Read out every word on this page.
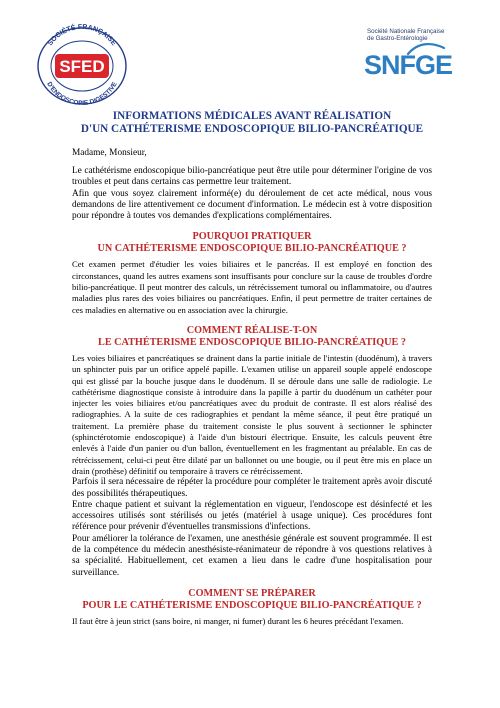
SOCIÉTÉ FRANÇAISE
D'ENDOSCOPIE DIGESTIVE
SFED
Société Nationale Française
de Gastro-Entérologie
SNFGE
INFORMATIONS MÉDICALES AVANT RÉALISATION
D'UN CATHÉTERISME ENDOSCOPIQUE BILIO-PANCRÉATIQUE
Madame, Monsieur,

Le cathétérisme endoscopique bilio-pancréatique peut être utile pour déterminer l'origine de vos troubles et peut dans certains cas permettre leur traitement.

Afin que vous soyez clairement informé(e) du déroulement de cet acte médical, nous vous demandons de lire attentivement ce document d'information. Le médecin est à votre disposition pour répondre à toutes vos demandes d'explications complémentaires.

POURQUOI PRATIQUER
UN CATHÉTERISME ENDOSCOPIQUE BILIO-PANCRÉATIQUE ?

Cet examen permet d'étudier les voies biliaires et le pancréas. Il est employé en fonction des circonstances, quand les autres examens sont insuffisants pour conclure sur la cause de troubles d'ordre bilio-pancréatique. Il peut montrer des calculs, un rétrécissement tumoral ou inflammatoire, ou d'autres maladies plus rares des voies biliaires ou pancréatiques. Enfin, il peut permettre de traiter certaines de ces maladies en alternative ou en association avec la chirurgie.

COMMENT RÉALISE-T-ON
LE CATHÉTERISME ENDOSCOPIQUE BILIO-PANCRÉATIQUE ?

Les voies biliaires et pancréatiques se drainent dans la partie initiale de l'intestin (duodénum), à travers un sphincter puis par un orifice appelé papille. L'examen utilise un appareil souple appelé endoscope qui est glissé par la bouche jusque dans le duodénum. Il se déroule dans une salle de radiologie. Le cathétérisme diagnostique consiste à introduire dans la papille à partir du duodénum un cathéter pour injecter les voies biliaires et/ou pancréatiques avec du produit de contraste. Il est alors réalisé des radiographies. A la suite de ces radiographies et pendant la même séance, il peut être pratiqué un traitement. La première phase du traitement consiste le plus souvent à sectionner le sphincter (sphinctérotomie endoscopique) à l'aide d'un bistouri électrique. Ensuite, les calculs peuvent être enlevés à l'aide d'un panier ou d'un ballon, éventuellement en les fragmentant au préalable. En cas de rétrécissement, celui-ci peut être dilaté par un ballonnet ou une bougie, ou il peut être mis en place un drain (prothèse) définitif ou temporaire à travers ce rétrécissement.

Parfois il sera nécessaire de répéter la procédure pour compléter le traitement après avoir discuté des possibilités thérapeutiques.

Entre chaque patient et suivant la réglementation en vigueur, l'endoscope est désinfecté et les accessoires utilisés sont stérilisés ou jetés (matériel à usage unique). Ces procédures font référence pour prévenir d'éventuelles transmissions d'infections.

Pour améliorer la tolérance de l'examen, une anesthésie générale est souvent programmée. Il est de la compétence du médecin anesthésiste-réanimateur de répondre à vos questions relatives à sa spécialité. Habituellement, cet examen a lieu dans le cadre d'une hospitalisation pour surveillance.

COMMENT SE PRÉPARER
POUR LE CATHÉTERISME ENDOSCOPIQUE BILIO-PANCRÉATIQUE ?

Il faut être à jeun strict (sans boire, ni manger, ni fumer) durant les 6 heures précédant l'examen.
